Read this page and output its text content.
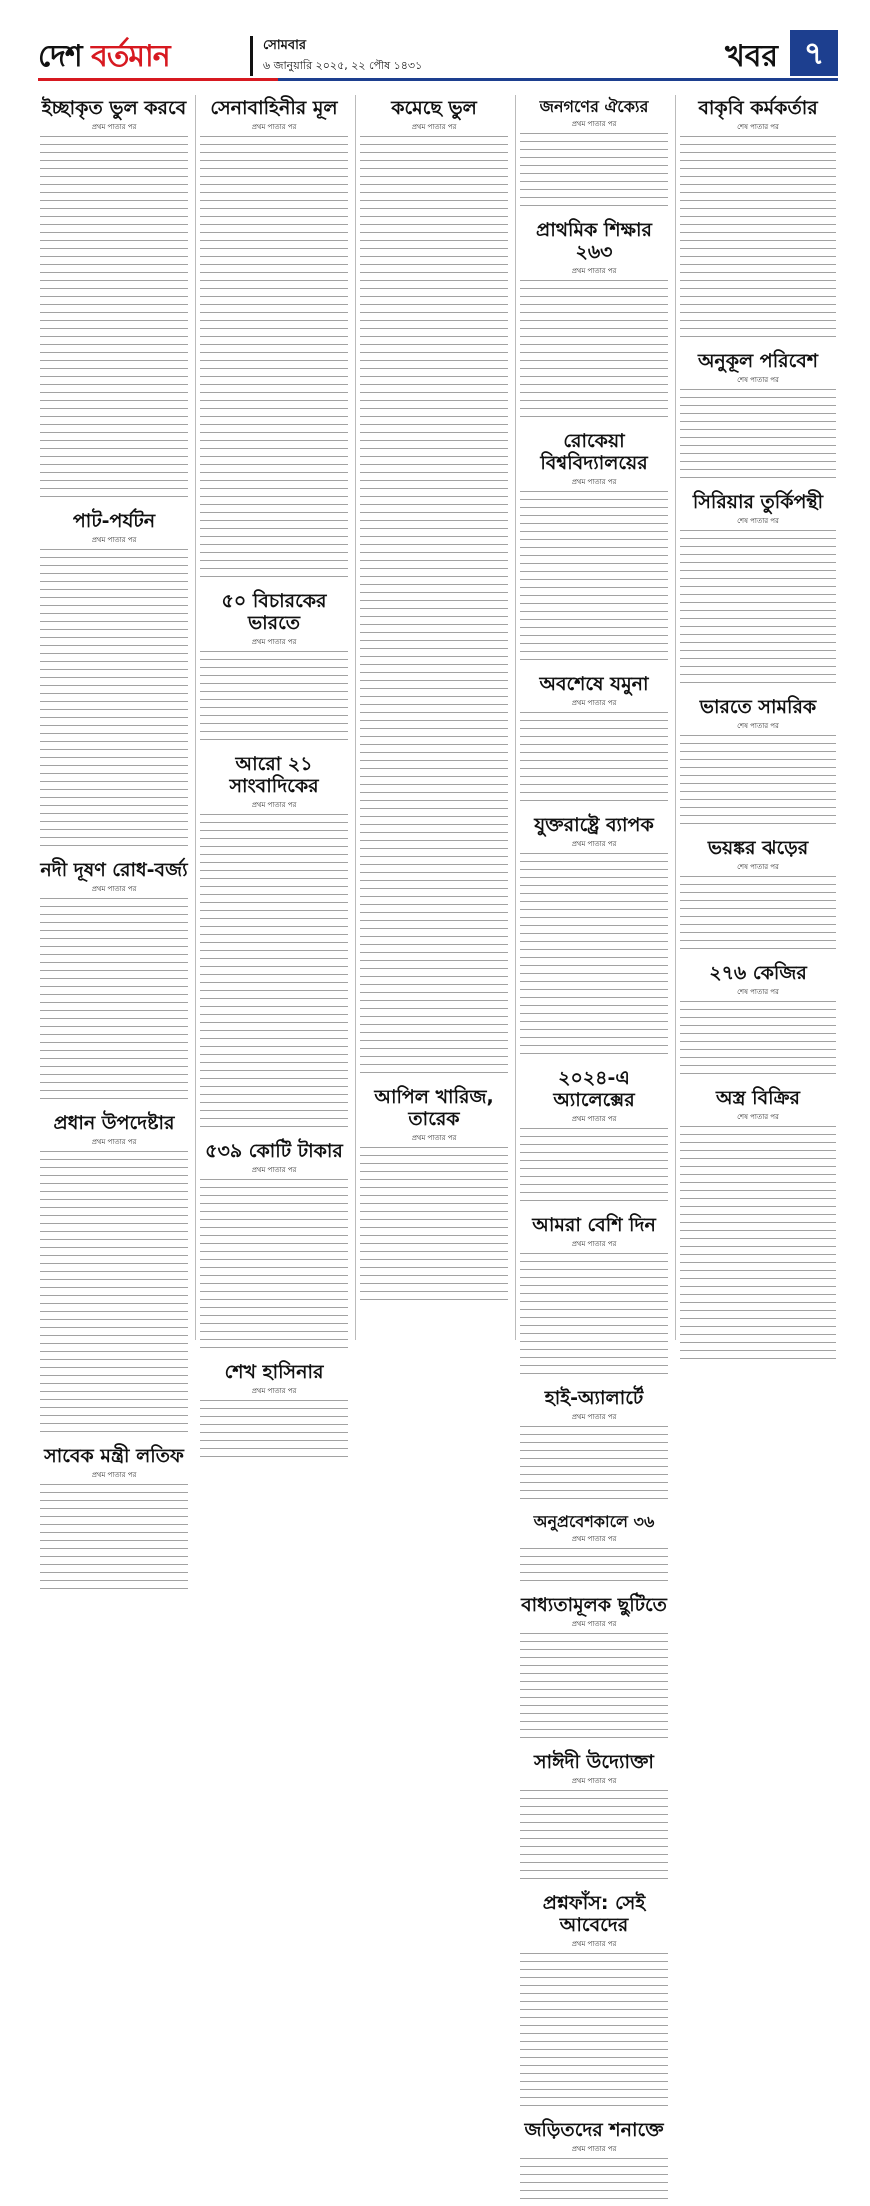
দেশ বর্তমান	সোমবার
৬ জানুয়ারি ২০২৫, ২২ পৌষ ১৪৩১	খবর ৭
ইচ্ছাকৃত ভুল করবে
প্রথম পাতার পর
পাট-পর্যটন
প্রথম পাতার পর
নদী দূষণ রোধ-বর্জ্য
প্রথম পাতার পর
প্রধান উপদেষ্টার
প্রথম পাতার পর
সাবেক মন্ত্রী লতিফ
প্রথম পাতার পর
সেনাবাহিনীর মূল
প্রথম পাতার পর
৫০ বিচারকের ভারতে
প্রথম পাতার পর
আরো ২১ সাংবাদিকের
প্রথম পাতার পর
৫৩৯ কোটি টাকার
প্রথম পাতার পর
শেখ হাসিনার
প্রথম পাতার পর
কমেছে ভুল
প্রথম পাতার পর
আপিল খারিজ, তারেক
প্রথম পাতার পর
জনগণের ঐক্যের
প্রথম পাতার পর
প্রাথমিক শিক্ষার ২৬৩
প্রথম পাতার পর
রোকেয়া বিশ্ববিদ্যালয়ের
প্রথম পাতার পর
অবশেষে যমুনা
প্রথম পাতার পর
যুক্তরাষ্ট্রে ব্যাপক
প্রথম পাতার পর
২০২৪-এ অ্যালেক্সের
প্রথম পাতার পর
আমরা বেশি দিন
প্রথম পাতার পর
হাই-অ্যালার্টে
প্রথম পাতার পর
অনুপ্রবেশকালে ৩৬
প্রথম পাতার পর
বাধ্যতামূলক ছুটিতে
প্রথম পাতার পর
সাঈদী উদ্যোক্তা
প্রথম পাতার পর
প্রশ্নফাঁস: সেই আবেদের
প্রথম পাতার পর
জড়িতদের শনাক্তে
প্রথম পাতার পর
বাকৃবি কর্মকর্তার
শেষ পাতার পর
অনুকূল পরিবেশ
শেষ পাতার পর
সিরিয়ার তুর্কিপন্থী
শেষ পাতার পর
ভারতে সামরিক
শেষ পাতার পর
ভয়ঙ্কর ঝড়ের
শেষ পাতার পর
২৭৬ কেজির
শেষ পাতার পর
অস্ত্র বিক্রির
শেষ পাতার পর
